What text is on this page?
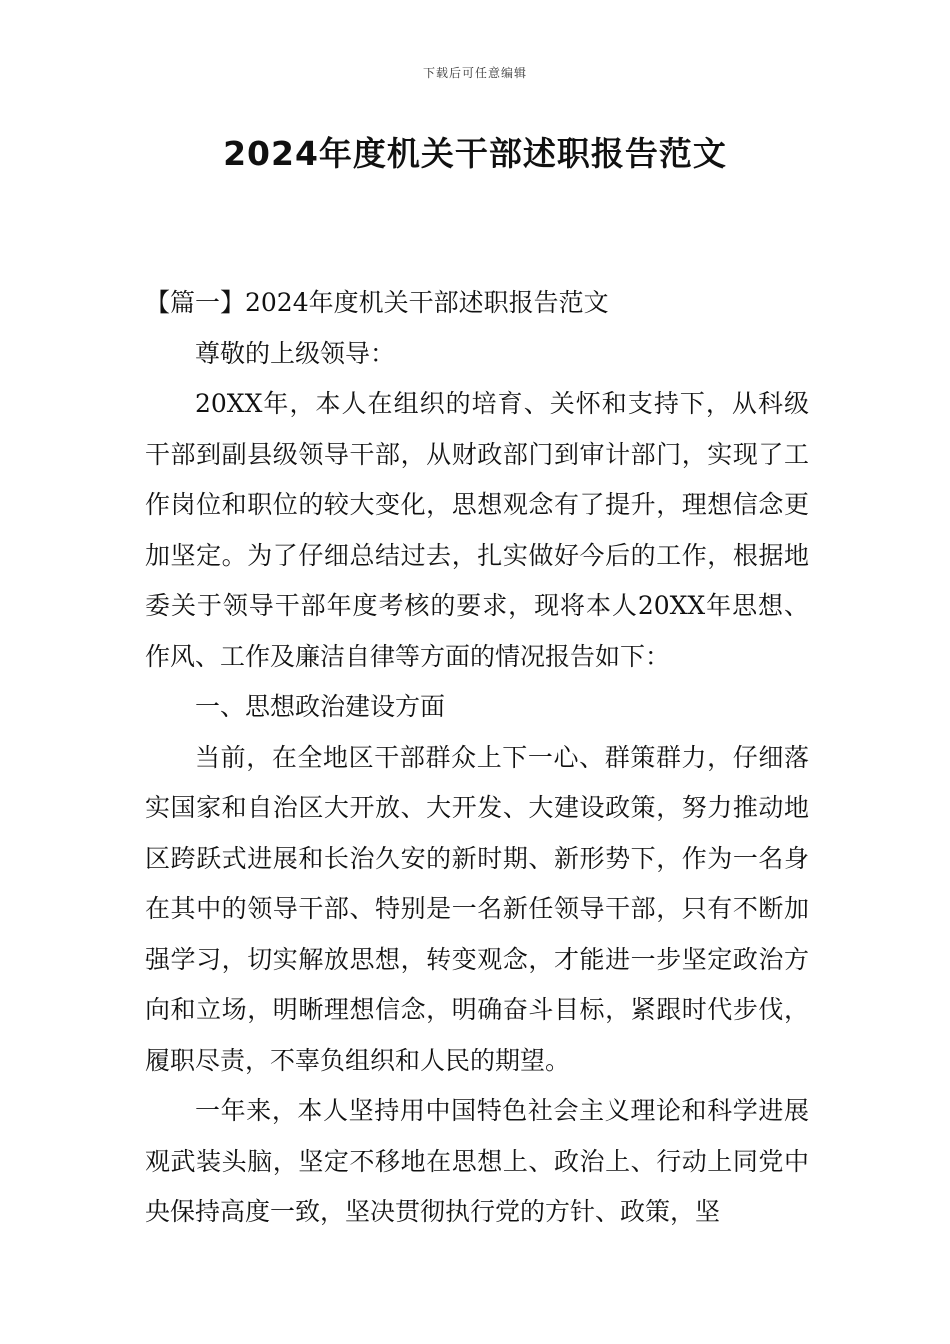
下载后可任意编辑
2024年度机关干部述职报告范文

【篇一】2024年度机关干部述职报告范文

尊敬的上级领导：

20XX年，本人在组织的培育、关怀和支持下，从科级干部到副县级领导干部，从财政部门到审计部门，实现了工作岗位和职位的较大变化，思想观念有了提升，理想信念更加坚定。为了仔细总结过去，扎实做好今后的工作，根据地委关于领导干部年度考核的要求，现将本人20XX年思想、作风、工作及廉洁自律等方面的情况报告如下：

一、思想政治建设方面

当前，在全地区干部群众上下一心、群策群力，仔细落实国家和自治区大开放、大开发、大建设政策，努力推动地区跨跃式进展和长治久安的新时期、新形势下，作为一名身在其中的领导干部、特别是一名新任领导干部，只有不断加强学习，切实解放思想，转变观念，才能进一步坚定政治方向和立场，明晰理想信念，明确奋斗目标，紧跟时代步伐，履职尽责，不辜负组织和人民的期望。

一年来，本人坚持用中国特色社会主义理论和科学进展观武装头脑，坚定不移地在思想上、政治上、行动上同党中央保持高度一致，坚决贯彻执行党的方针、政策，坚
